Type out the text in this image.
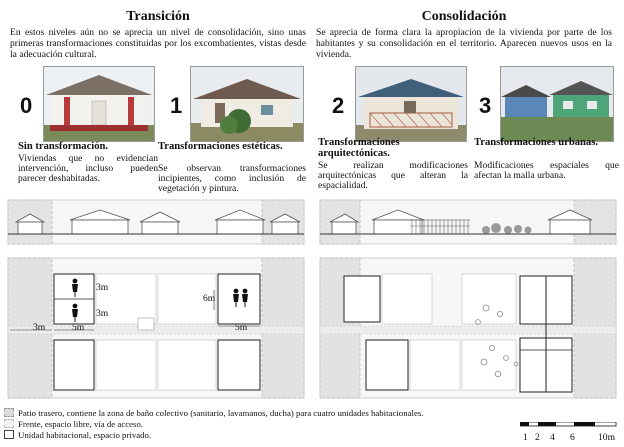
Transición
En estos niveles aún no se aprecia un nivel de consolidación, sino unas primeras transformaciones constituidas por los excombatientes, vistas desde la adecuación cultural.
Consolidación
Se aprecia de forma clara la apropiacion de la vivienda por parte de los habitantes y su consolidación en el territorio. Aparecen nuevos usos en la vivienda.
0
Sin transformación.
Viviendas que no evidencian intervención, incluso pueden parecer deshabitadas.
1
Transformaciones estéticas.
Se observan transformaciones incipientes, como inclusión de vegetación y pintura.
2
Transformaciones arquitectónicas.
Se realizan modificaciones arquitectónicas que alteran la espacialidad.
3
Transformaciones urbanas.
Modificaciones espaciales que afectan la malla urbana.
3m
3m
3m	5m
6m
5m
Patio trasero, contiene la zona de baño colectivo (sanitario, lavamanos, ducha) para cuatro unidades habitacionales.
Frente, espacio libre, vía de acceso.
Unidad habitacional, espacio privado.	1 2 4 6 10m
